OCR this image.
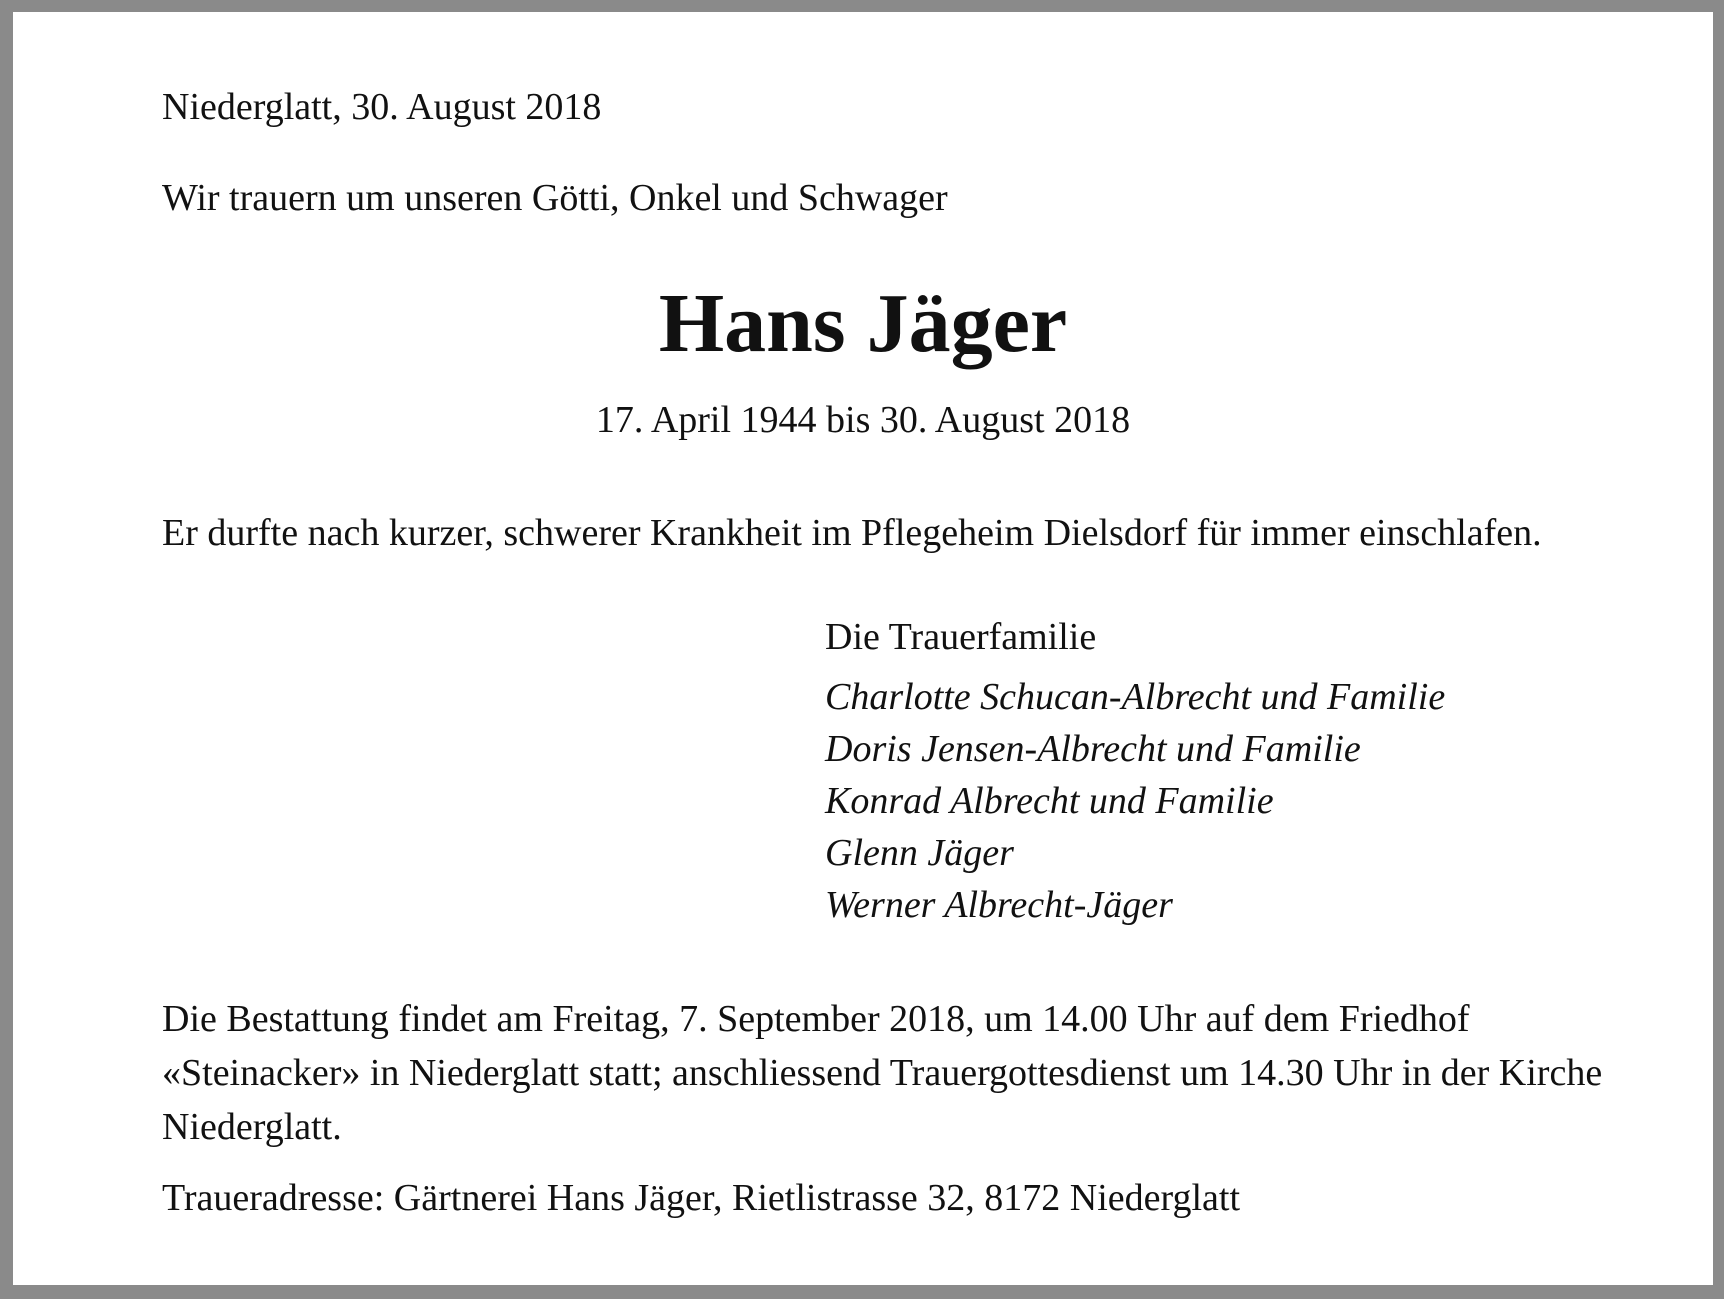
Niederglatt, 30. August 2018

Wir trauern um unseren Götti, Onkel und Schwager

Hans Jäger

17. April 1944 bis 30. August 2018

Er durfte nach kurzer, schwerer Krankheit im Pflegeheim Dielsdorf für immer einschlafen.

Die Trauerfamilie

Charlotte Schucan-Albrecht und Familie
Doris Jensen-Albrecht und Familie
Konrad Albrecht und Familie
Glenn Jäger
Werner Albrecht-Jäger

Die Bestattung findet am Freitag, 7. September 2018, um 14.00 Uhr auf dem Friedhof «Steinacker» in Niederglatt statt; anschliessend Trauergottesdienst um 14.30 Uhr in der Kirche Niederglatt.

Traueradresse: Gärtnerei Hans Jäger, Rietlistrasse 32, 8172 Niederglatt
